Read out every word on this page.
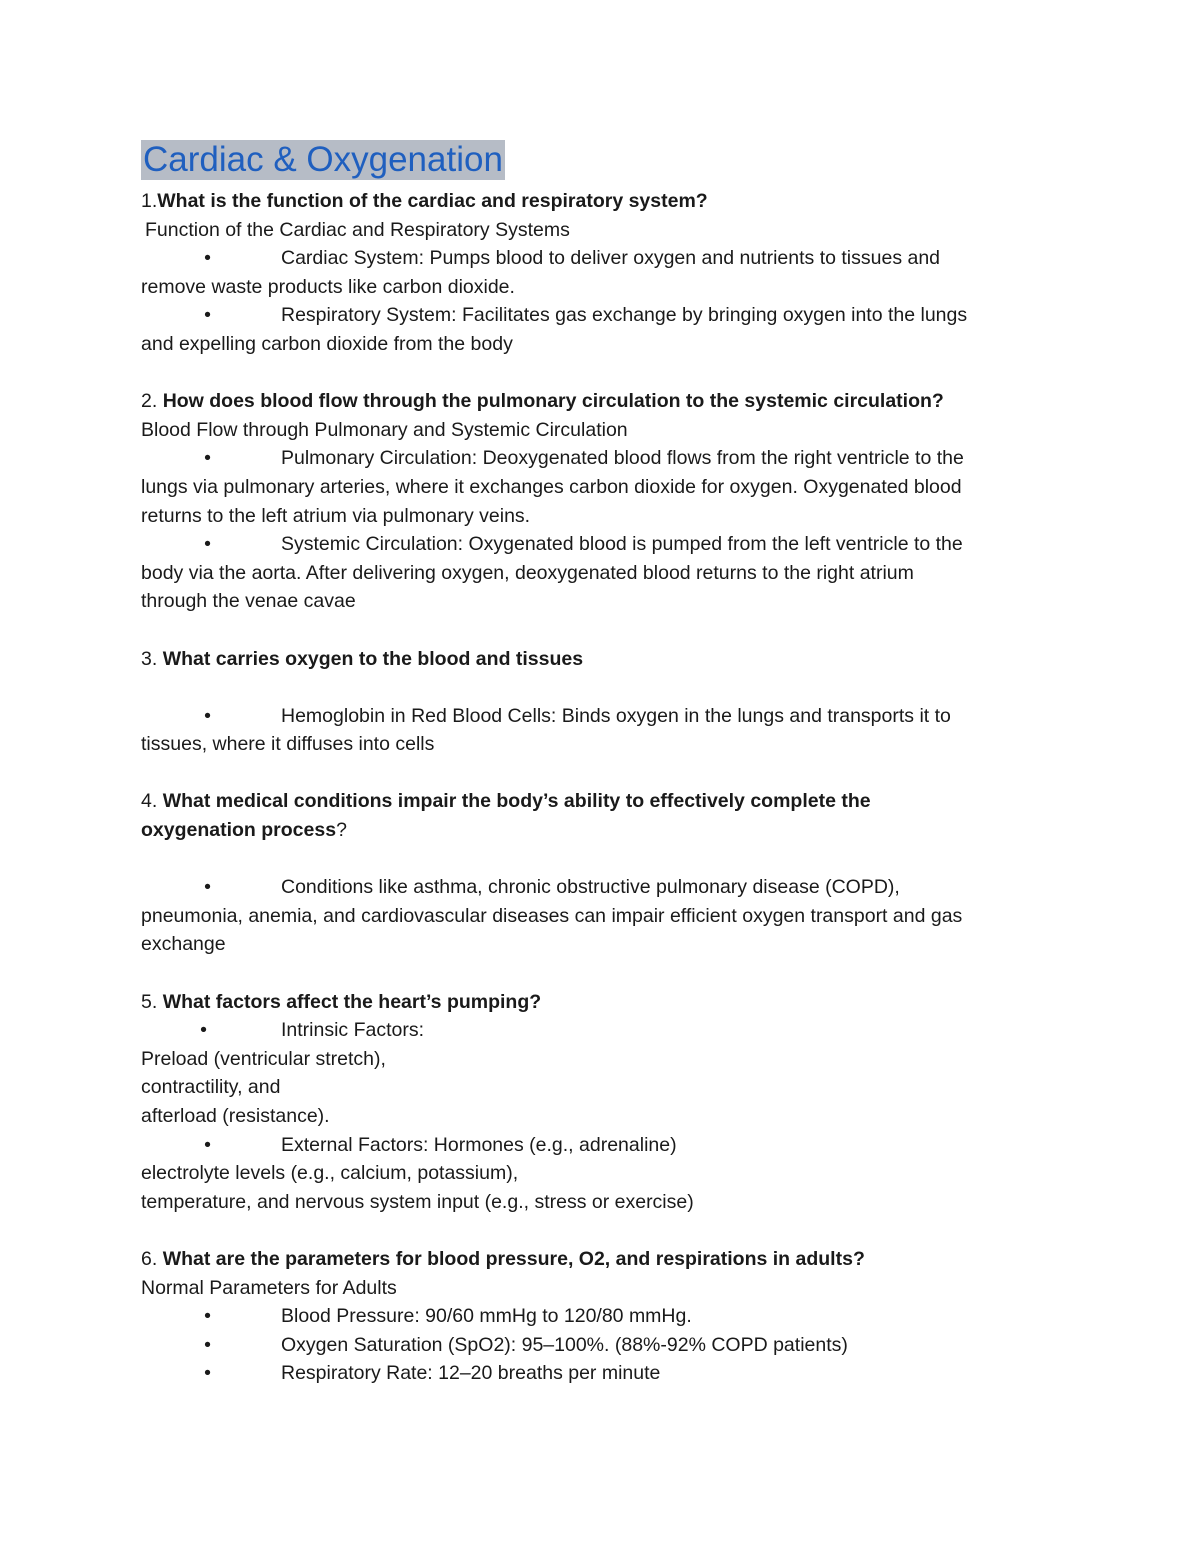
Cardiac & Oxygenation

1.What is the function of the cardiac and respiratory system?

Function of the Cardiac and Respiratory Systems

•	Cardiac System: Pumps blood to deliver oxygen and nutrients to tissues and

remove waste products like carbon dioxide.

•	Respiratory System: Facilitates gas exchange by bringing oxygen into the lungs

and expelling carbon dioxide from the body

2. How does blood flow through the pulmonary circulation to the systemic circulation?

Blood Flow through Pulmonary and Systemic Circulation

•	Pulmonary Circulation: Deoxygenated blood flows from the right ventricle to the

lungs via pulmonary arteries, where it exchanges carbon dioxide for oxygen. Oxygenated blood

returns to the left atrium via pulmonary veins.

•	Systemic Circulation: Oxygenated blood is pumped from the left ventricle to the

body via the aorta. After delivering oxygen, deoxygenated blood returns to the right atrium

through the venae cavae

3. What carries oxygen to the blood and tissues

•	Hemoglobin in Red Blood Cells: Binds oxygen in the lungs and transports it to

tissues, where it diffuses into cells

4. What medical conditions impair the body’s ability to effectively complete the

oxygenation process?

•	Conditions like asthma, chronic obstructive pulmonary disease (COPD),

pneumonia, anemia, and cardiovascular diseases can impair efficient oxygen transport and gas

exchange

5. What factors affect the heart’s pumping?

•	Intrinsic Factors:

Preload (ventricular stretch),

contractility, and

afterload (resistance).

•	External Factors: Hormones (e.g., adrenaline)

electrolyte levels (e.g., calcium, potassium),

temperature, and nervous system input (e.g., stress or exercise)

6. What are the parameters for blood pressure, O2, and respirations in adults?

Normal Parameters for Adults

•	Blood Pressure: 90/60 mmHg to 120/80 mmHg.

•	Oxygen Saturation (SpO2): 95–100%. (88%-92% COPD patients)

•	Respiratory Rate: 12–20 breaths per minute
